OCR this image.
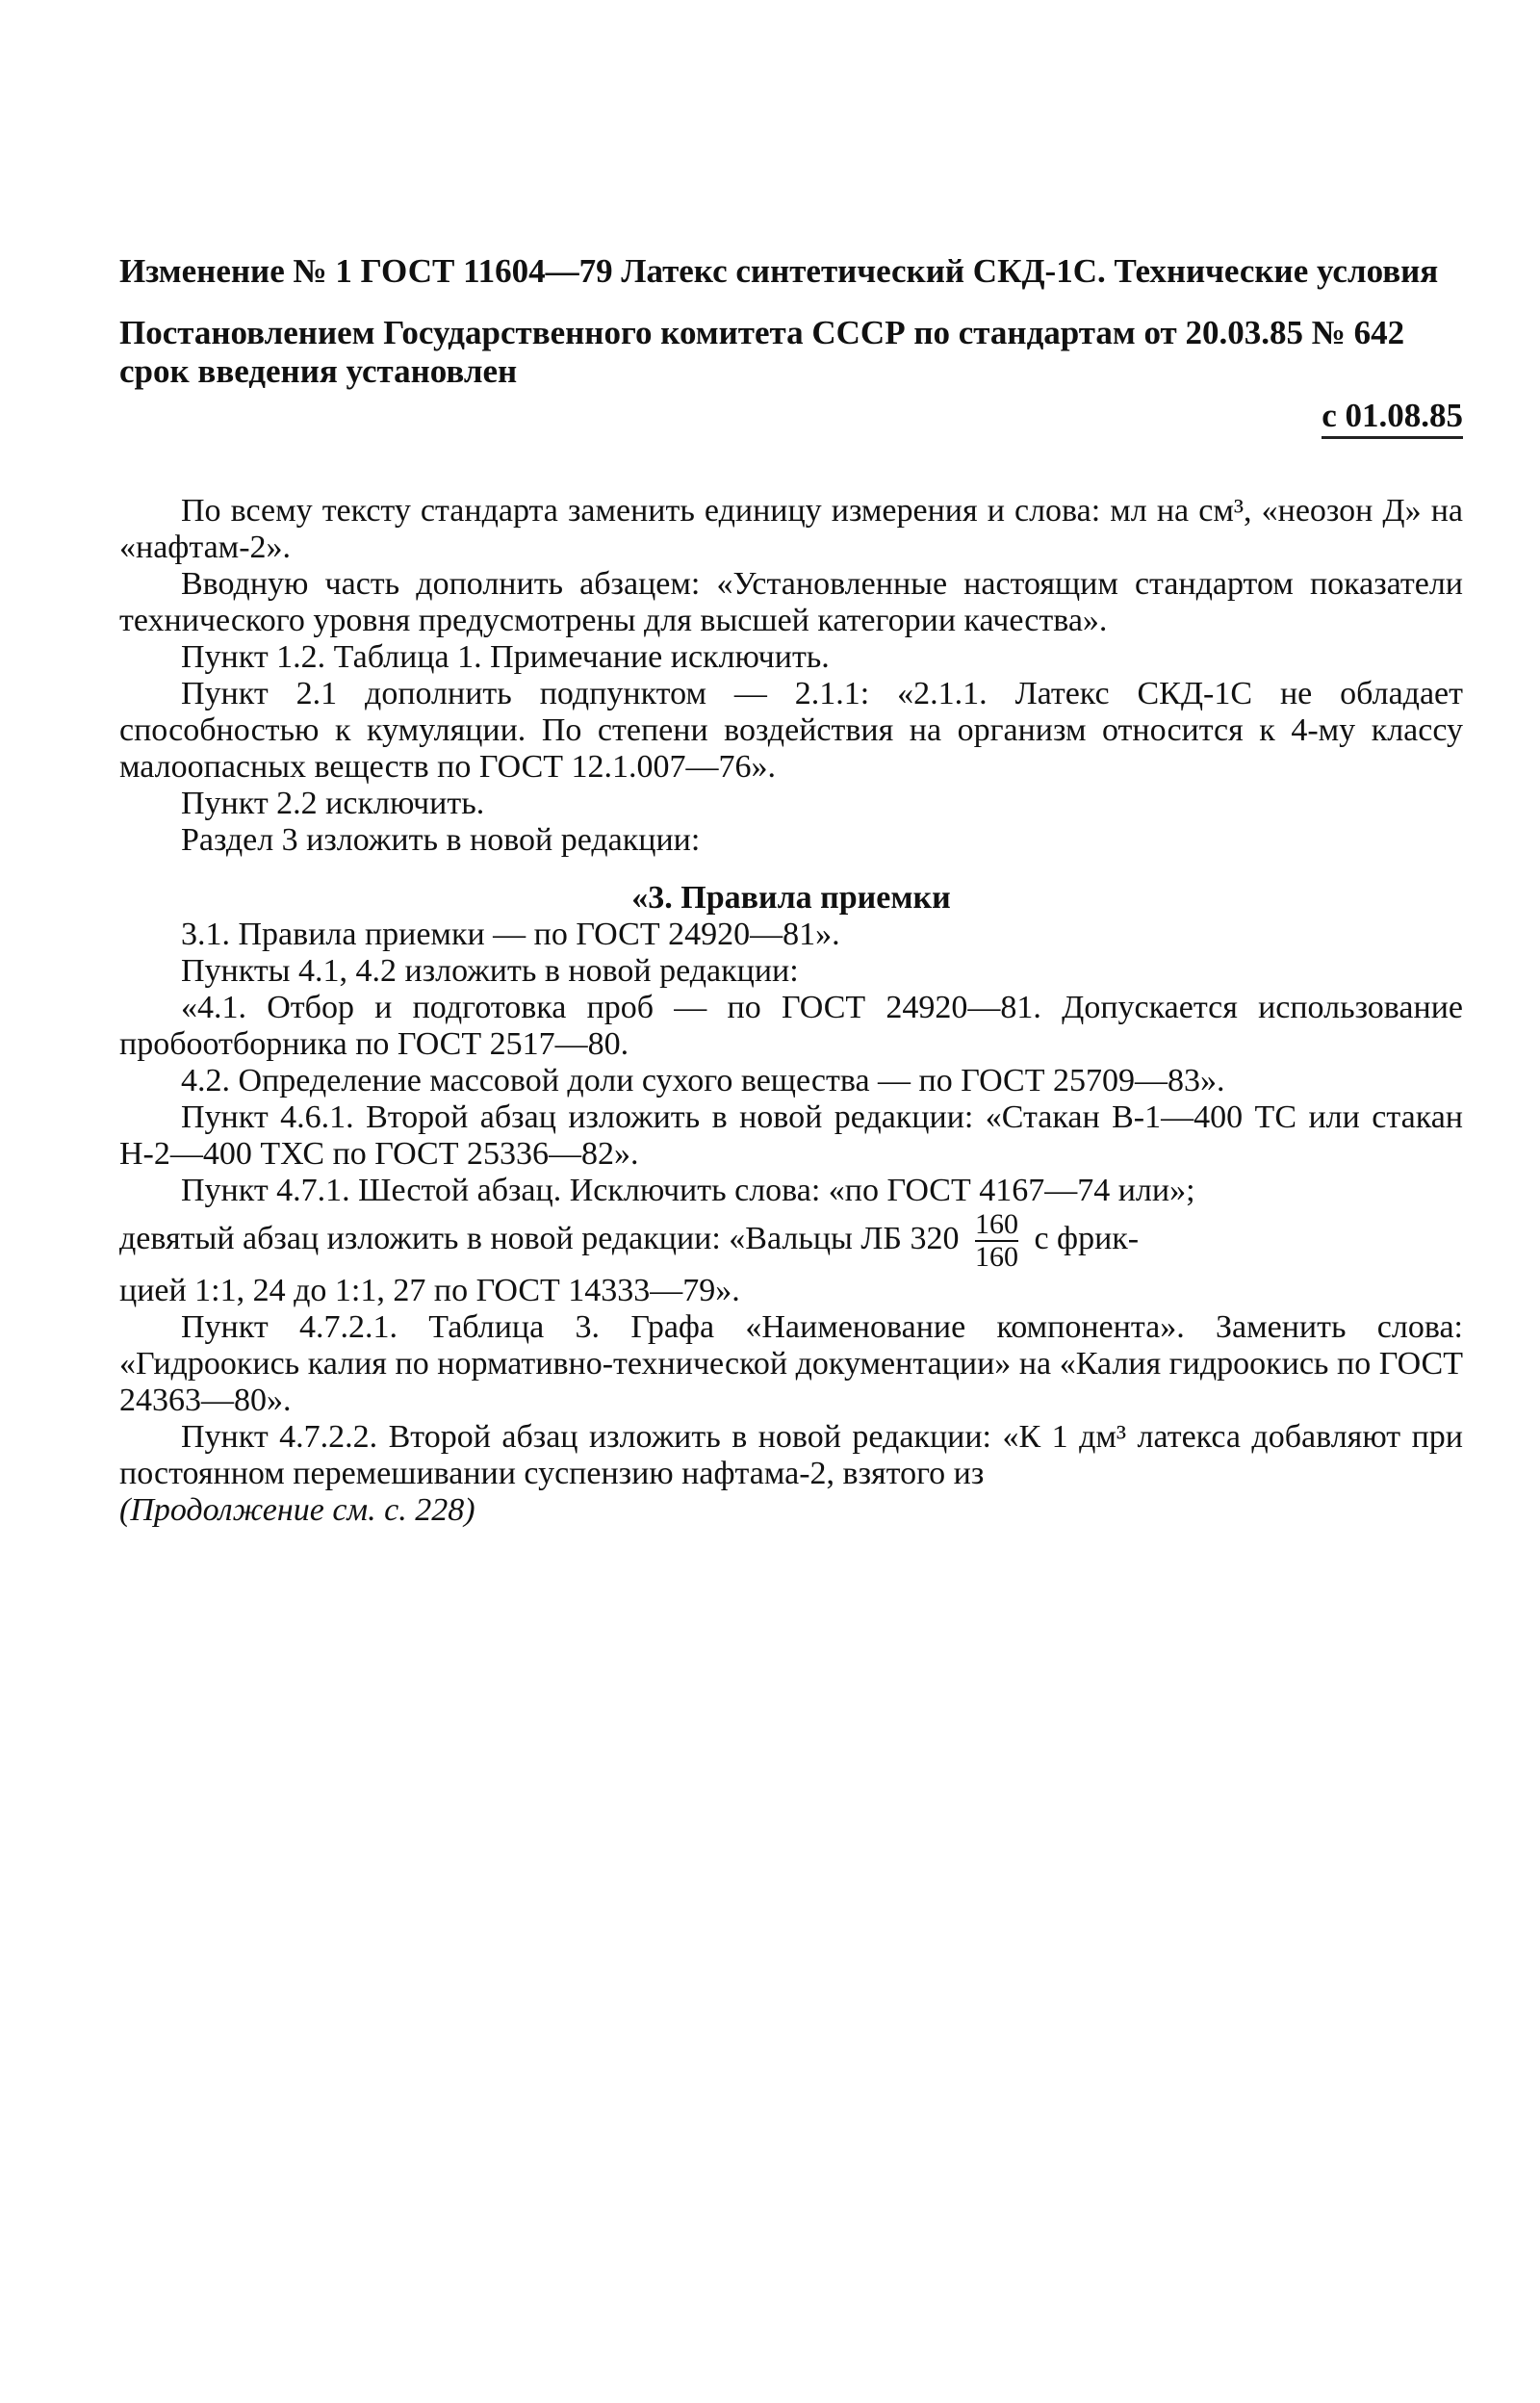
Изменение № 1 ГОСТ 11604—79 Латекс синтетический СКД-1С. Технические условия

Постановлением Государственного комитета СССР по стандартам от 20.03.85 № 642 срок введения установлен

с 01.08.85

По всему тексту стандарта заменить единицу измерения и слова: мл на см³, «неозон Д» на «нафтам-2».

Вводную часть дополнить абзацем: «Установленные настоящим стандартом показатели технического уровня предусмотрены для высшей категории качества».

Пункт 1.2. Таблица 1. Примечание исключить.

Пункт 2.1 дополнить подпунктом — 2.1.1: «2.1.1. Латекс СКД-1С не обладает способностью к кумуляции. По степени воздействия на организм относится к 4-му классу малоопасных веществ по ГОСТ 12.1.007—76».

Пункт 2.2 исключить.

Раздел 3 изложить в новой редакции:

«3. Правила приемки

3.1. Правила приемки — по ГОСТ 24920—81».

Пункты 4.1, 4.2 изложить в новой редакции:

«4.1. Отбор и подготовка проб — по ГОСТ 24920—81. Допускается использование пробоотборника по ГОСТ 2517—80.

4.2. Определение массовой доли сухого вещества — по ГОСТ 25709—83».

Пункт 4.6.1. Второй абзац изложить в новой редакции: «Стакан В-1—400 ТС или стакан Н-2—400 ТХС по ГОСТ 25336—82».

Пункт 4.7.1. Шестой абзац. Исключить слова: «по ГОСТ 4167—74 или»;

девятый абзац изложить в новой редакции: «Вальцы ЛБ $320 \frac{160}{160}$ с фрик-

цией 1:1, 24 до 1:1, 27 по ГОСТ 14333—79».

Пункт 4.7.2.1. Таблица 3. Графа «Наименование компонента». Заменить слова: «Гидроокись калия по нормативно-технической документации» на «Калия гидроокись по ГОСТ 24363—80».

Пункт 4.7.2.2. Второй абзац изложить в новой редакции: «К 1 дм³ латекса добавляют при постоянном перемешивании суспензию нафтама-2, взятого из

(Продолжение см. с. 228)
